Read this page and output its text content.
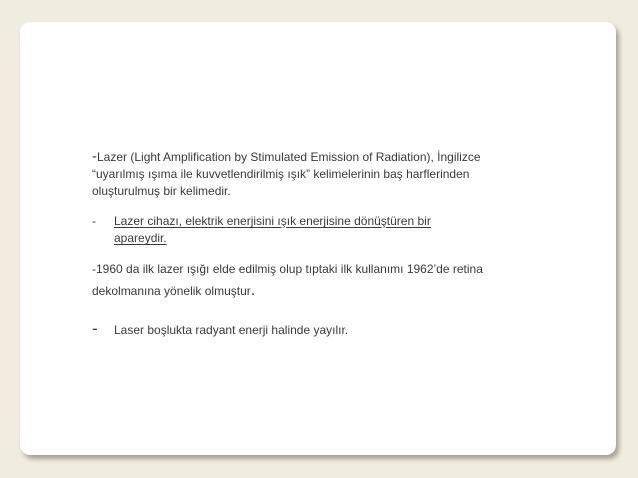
-Lazer (Light Amplification by Stimulated Emission of Radiation), İngilizce “uyarılmış ışıma ile kuvvetlendirilmiş ışık” kelimelerinin baş harflerinden oluşturulmuş bir kelimedir.

-	Lazer cihazı, elektrik enerjisini ışık enerjisine dönüştüren bir apareydir.

-1960 da ilk lazer ışığı elde edilmiş olup tıptaki ilk kullanımı 1962’de retina dekolmanına yönelik olmuştur.

-	Laser boşlukta radyant enerji halinde yayılır.
